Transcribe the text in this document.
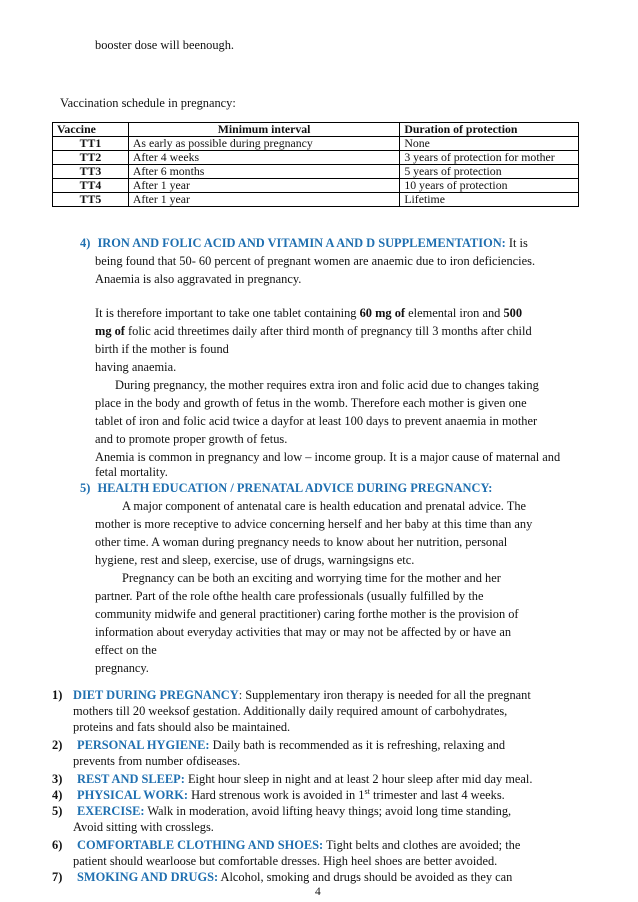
booster dose will beenough.
Vaccination schedule in pregnancy:
Vaccine	Minimum interval	Duration of protection
TT1	As early as possible during pregnancy	None
TT2	After 4 weeks	3 years of protection for mother
TT3	After 6 months	5 years of protection
TT4	After 1 year	10 years of protection
TT5	After 1 year	Lifetime
4) IRON AND FOLIC ACID AND VITAMIN A AND D SUPPLEMENTATION: It is
being found that 50- 60 percent of pregnant women are anaemic due to iron deficiencies.
Anaemia is also aggravated in pregnancy.
It is therefore important to take one tablet containing 60 mg of elemental iron and 500
mg of folic acid threetimes daily after third month of pregnancy till 3 months after child
birth if the mother is found
having anaemia.
During pregnancy, the mother requires extra iron and folic acid due to changes taking
place in the body and growth of fetus in the womb. Therefore each mother is given one
tablet of iron and folic acid twice a dayfor at least 100 days to prevent anaemia in mother
and to promote proper growth of fetus.
Anemia is common in pregnancy and low – income group. It is a major cause of maternal and
fetal mortality.
5) HEALTH EDUCATION / PRENATAL ADVICE DURING PREGNANCY:
A major component of antenatal care is health education and prenatal advice. The
mother is more receptive to advice concerning herself and her baby at this time than any
other time. A woman during pregnancy needs to know about her nutrition, personal
hygiene, rest and sleep, exercise, use of drugs, warningsigns etc.
Pregnancy can be both an exciting and worrying time for the mother and her
partner. Part of the role ofthe health care professionals (usually fulfilled by the
community midwife and general practitioner) caring forthe mother is the provision of
information about everyday activities that may or may not be affected by or have an
effect on the
pregnancy.
1) DIET DURING PREGNANCY: Supplementary iron therapy is needed for all the pregnant
mothers till 20 weeksof gestation. Additionally daily required amount of carbohydrates,
proteins and fats should also be maintained.
2) PERSONAL HYGIENE: Daily bath is recommended as it is refreshing, relaxing and
prevents from number ofdiseases.
3) REST AND SLEEP: Eight hour sleep in night and at least 2 hour sleep after mid day meal.
4) PHYSICAL WORK: Hard strenous work is avoided in 1st trimester and last 4 weeks.
5) EXERCISE: Walk in moderation, avoid lifting heavy things; avoid long time standing,
Avoid sitting with crosslegs.
6) COMFORTABLE CLOTHING AND SHOES: Tight belts and clothes are avoided; the
patient should wearloose but comfortable dresses. High heel shoes are better avoided.
7) SMOKING AND DRUGS: Alcohol, smoking and drugs should be avoided as they can
4
